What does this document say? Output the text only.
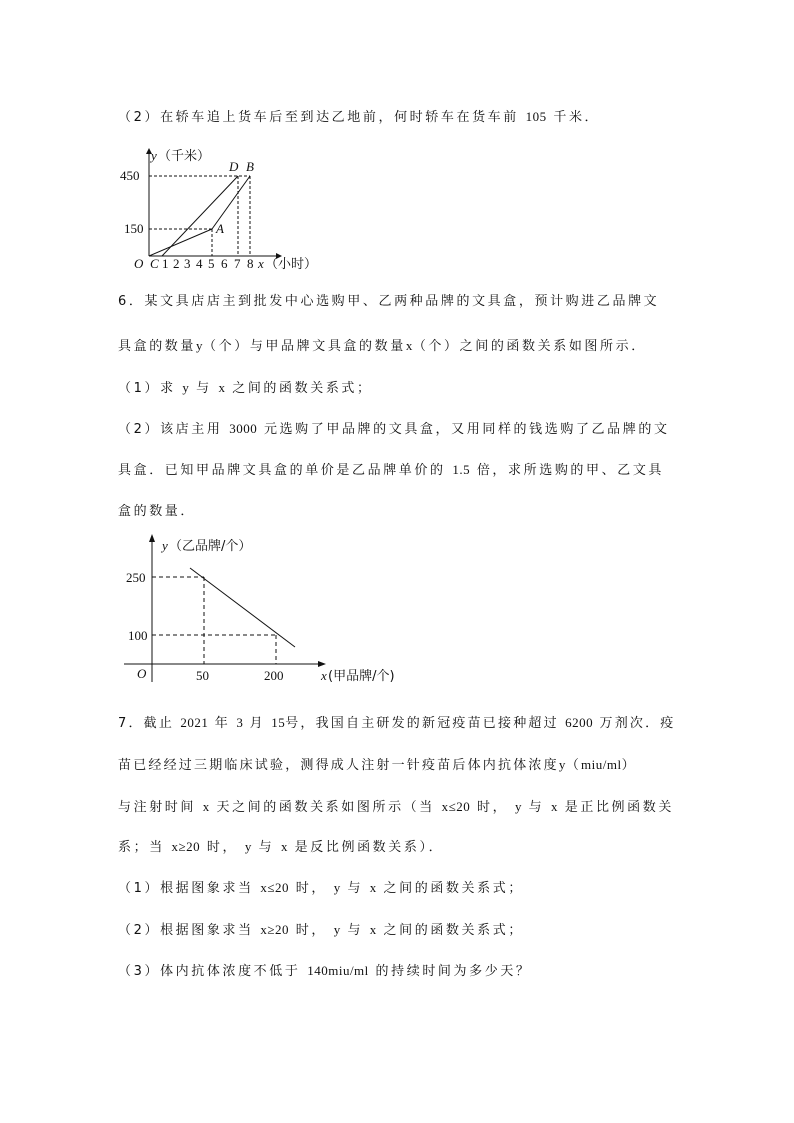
（2）在轿车追上货车后至到达乙地前，何时轿车在货车前 105 千米．
y （千米）
450
150
O C 1 2 3 4 5 6 7 8 x （小时）
A
D B
6．某文具店店主到批发中心选购甲、乙两种品牌的文具盒，预计购进乙品牌文
具盒的数量y（个）与甲品牌文具盒的数量x（个）之间的函数关系如图所示．
（1）求 y 与 x 之间的函数关系式；
（2）该店主用 3000 元选购了甲品牌的文具盒，又用同样的钱选购了乙品牌的文
具盒．已知甲品牌文具盒的单价是乙品牌单价的 1.5 倍，求所选购的甲、乙文具
盒的数量．
y （乙品牌/个）
250
100
O	50	200	x (甲品牌/个)
7．截止 2021 年 3 月 15号，我国自主研发的新冠疫苗已接种超过 6200 万剂次．疫
苗已经经过三期临床试验，测得成人注射一针疫苗后体内抗体浓度y（miu/ml）
与注射时间 x 天之间的函数关系如图所示（当 x≤20 时， y 与 x 是正比例函数关
系；当 x≥20 时， y 与 x 是反比例函数关系）．
（1）根据图象求当 x≤20 时， y 与 x 之间的函数关系式；
（2）根据图象求当 x≥20 时， y 与 x 之间的函数关系式；
（3）体内抗体浓度不低于 140miu/ml 的持续时间为多少天？
